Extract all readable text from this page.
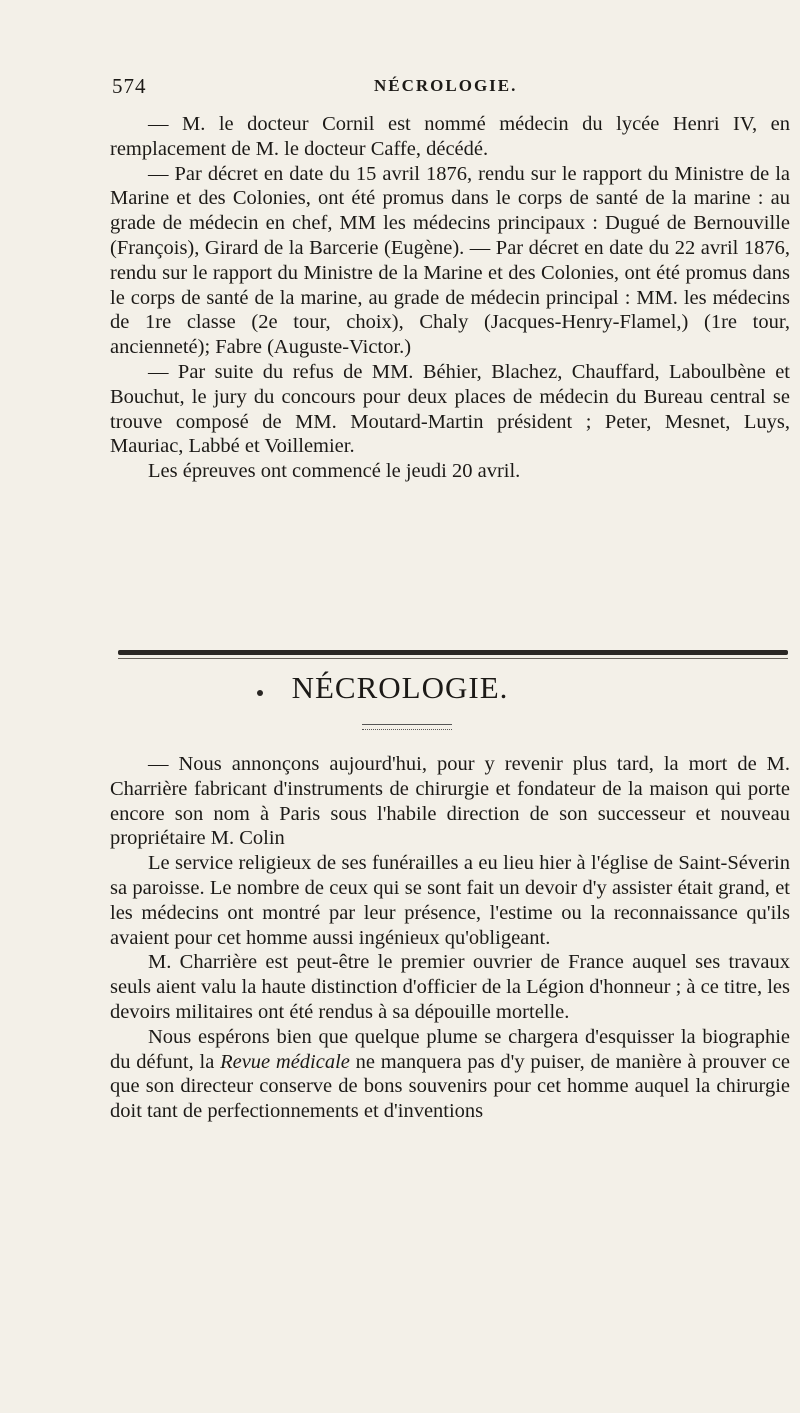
574	NÉCROLOGIE.

— M. le docteur Cornil est nommé médecin du lycée Henri IV, en remplacement de M. le docteur Caffe, décédé.

— Par décret en date du 15 avril 1876, rendu sur le rapport du Ministre de la Marine et des Colonies, ont été promus dans le corps de santé de la marine : au grade de médecin en chef, MM les médecins principaux : Dugué de Bernouville (François), Girard de la Barcerie (Eugène). — Par décret en date du 22 avril 1876, rendu sur le rapport du Ministre de la Marine et des Colonies, ont été promus dans le corps de santé de la marine, au grade de médecin principal : MM. les médecins de 1re classe (2e tour, choix), Chaly (Jacques-Henry-Flamel,) (1re tour, ancienneté); Fabre (Auguste-Victor.)

— Par suite du refus de MM. Béhier, Blachez, Chauffard, Laboulbène et Bouchut, le jury du concours pour deux places de médecin du Bureau central se trouve composé de MM. Moutard-Martin président ; Peter, Mesnet, Luys, Mauriac, Labbé et Voillemier.

Les épreuves ont commencé le jeudi 20 avril.

NÉCROLOGIE.

— Nous annonçons aujourd'hui, pour y revenir plus tard, la mort de M. Charrière fabricant d'instruments de chirurgie et fondateur de la maison qui porte encore son nom à Paris sous l'habile direction de son successeur et nouveau propriétaire M. Colin

Le service religieux de ses funérailles a eu lieu hier à l'église de Saint-Séverin sa paroisse. Le nombre de ceux qui se sont fait un devoir d'y assister était grand, et les médecins ont montré par leur présence, l'estime ou la reconnaissance qu'ils avaient pour cet homme aussi ingénieux qu'obligeant.

M. Charrière est peut-être le premier ouvrier de France auquel ses travaux seuls aient valu la haute distinction d'officier de la Légion d'honneur ; à ce titre, les devoirs militaires ont été rendus à sa dépouille mortelle.

Nous espérons bien que quelque plume se chargera d'esquisser la biographie du défunt, la Revue médicale ne manquera pas d'y puiser, de manière à prouver ce que son directeur conserve de bons souvenirs pour cet homme auquel la chirurgie doit tant de perfectionnements et d'inventions
